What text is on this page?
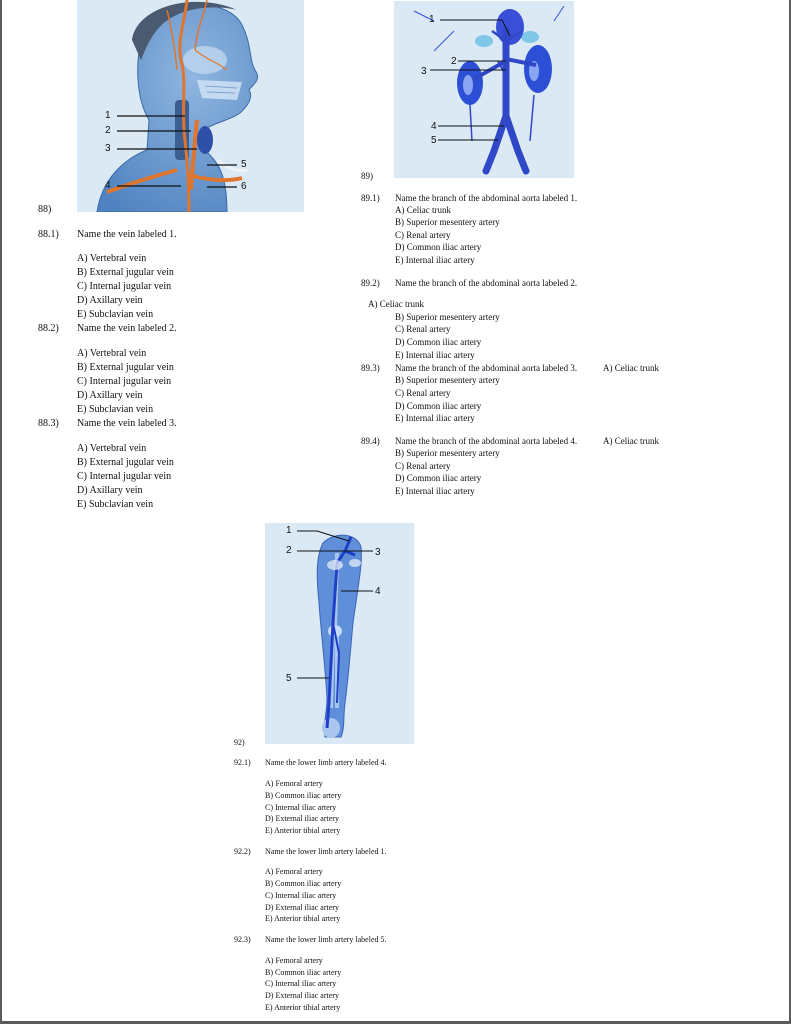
1
2
3
4
5
6
1
2
3
4
5
1
2	3
4
5
88)
88.1) Name the vein labeled 1.
A) Vertebral vein
B) External jugular vein
C) Internal jugular vein
D) Axillary vein
E) Subclavian vein
88.2) Name the vein labeled 2.
A) Vertebral vein
B) External jugular vein
C) Internal jugular vein
D) Axillary vein
E) Subclavian vein
88.3) Name the vein labeled 3.
A) Vertebral vein
B) External jugular vein
C) Internal jugular vein
D) Axillary vein
E) Subclavian vein
89)
89.1) Name the branch of the abdominal aorta labeled 1.
A) Celiac trunk
B) Superior mesentery artery
C) Renal artery
D) Common iliac artery
E) Internal iliac artery
89.2) Name the branch of the abdominal aorta labeled 2.
A) Celiac trunk
B) Superior mesentery artery
C) Renal artery
D) Common iliac artery
E) Internal iliac artery
89.3) Name the branch of the abdominal aorta labeled 3.	A) Celiac trunk
B) Superior mesentery artery
C) Renal artery
D) Common iliac artery
E) Internal iliac artery
89.4) Name the branch of the abdominal aorta labeled 4.	A) Celiac trunk
B) Superior mesentery artery
C) Renal artery
D) Common iliac artery
E) Internal iliac artery
92)
92.1) Name the lower limb artery labeled 4.
A) Femoral artery
B) Common iliac artery
C) Internal iliac artery
D) External iliac artery
E) Anterior tibial artery
92.2) Name the lower limb artery labeled 1.
A) Femoral artery
B) Common iliac artery
C) Internal iliac artery
D) External iliac artery
E) Anterior tibial artery
92.3) Name the lower limb artery labeled 5.
A) Femoral artery
B) Common iliac artery
C) Internal iliac artery
D) External iliac artery
E) Anterior tibial artery
